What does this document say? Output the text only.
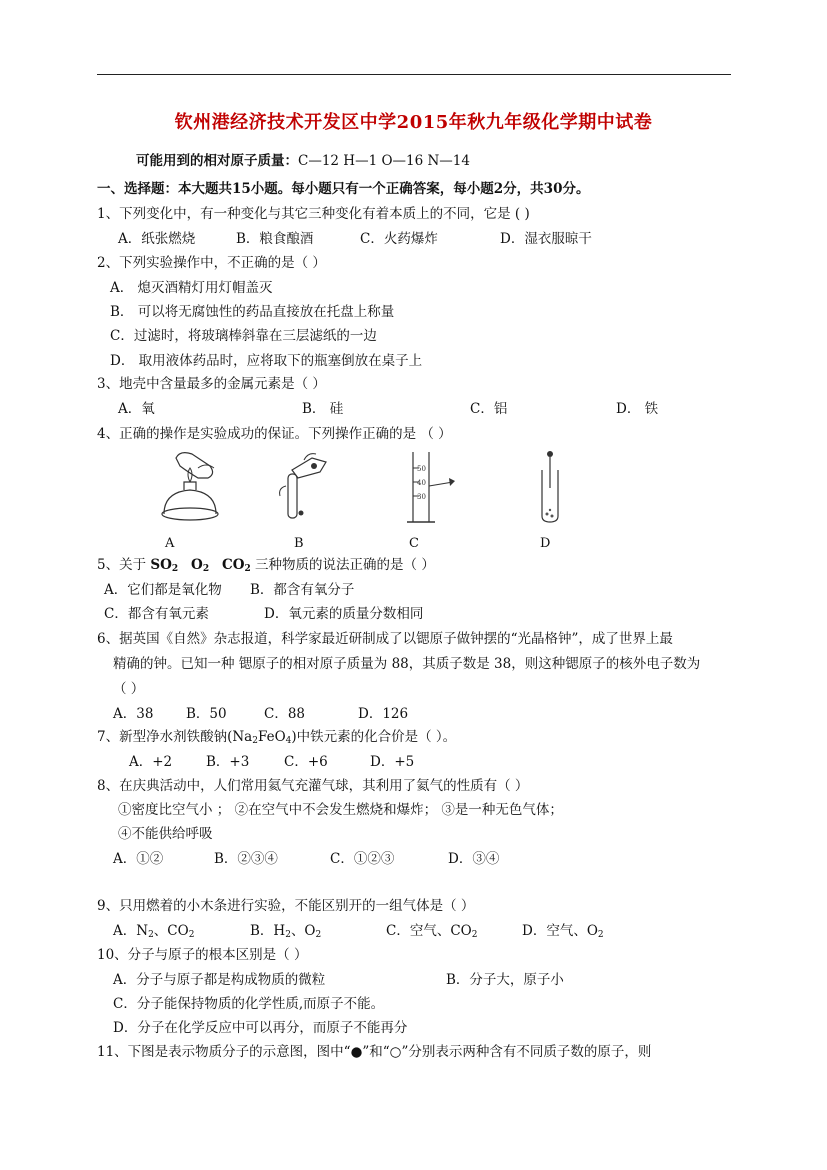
钦州港经济技术开发区中学2015年秋九年级化学期中试卷
可能用到的相对原子质量：C—12 H—1 O—16 N—14
一、选择题：本大题共15小题。每小题只有一个正确答案，每小题2分，共30分。
1、下列变化中，有一种变化与其它三种变化有着本质上的不同，它是 ( )
A．纸张燃烧	B．粮食酿酒	C．火药爆炸	D．湿衣服晾干
2、下列实验操作中，不正确的是（ ）
A． 熄灭酒精灯用灯帽盖灭
B． 可以将无腐蚀性的药品直接放在托盘上称量
C．过滤时，将玻璃棒斜靠在三层滤纸的一边
D． 取用液体药品时，应将取下的瓶塞倒放在桌子上
3、地壳中含量最多的金属元素是（ ）
A．氧	B． 硅	C．铝	D． 铁
4、正确的操作是实验成功的保证。下列操作正确的是 （ ）
50
40
30
A	B	C	D
5、关于 $SO_2$ $O_2$ $CO_2$ 三种物质的说法正确的是（ ）
A．它们都是氧化物 B．都含有氧分子
C．都含有氧元素	D．氧元素的质量分数相同
6、据英国《自然》杂志报道，科学家最近研制成了以锶原子做钟摆的“光晶格钟”，成了世界上最
精确的钟。已知一种 锶原子的相对原子质量为 88，其质子数是 38，则这种锶原子的核外电子数为
（ ）
A．38 B．50	C．88	D．126
7、新型净水剂铁酸钠$(Na_2FeO_4)$中铁元素的化合价是（ ）。
A．+2	B．+3	C．+6	D．+5
8、在庆典活动中，人们常用氦气充灌气球，其利用了氦气的性质有（ ）
①密度比空气小 ； ②在空气中不会发生燃烧和爆炸； ③是一种无色气体；
④不能供给呼吸
A．①②	B．②③④	C．①②③	D．③④
9、只用燃着的小木条进行实验，不能区别开的一组气体是（ ）
A．$N_2$、$CO_2$	B．$H_2$、$O_2$	C．空气、$CO_2$	D．空气、$O_2$
10、分子与原子的根本区别是（ ）
A．分子与原子都是构成物质的微粒	B．分子大，原子小
C．分子能保持物质的化学性质,而原子不能。
D．分子在化学反应中可以再分，而原子不能再分
11、下图是表示物质分子的示意图，图中“●”和“○”分别表示两种含有不同质子数的原子，则
